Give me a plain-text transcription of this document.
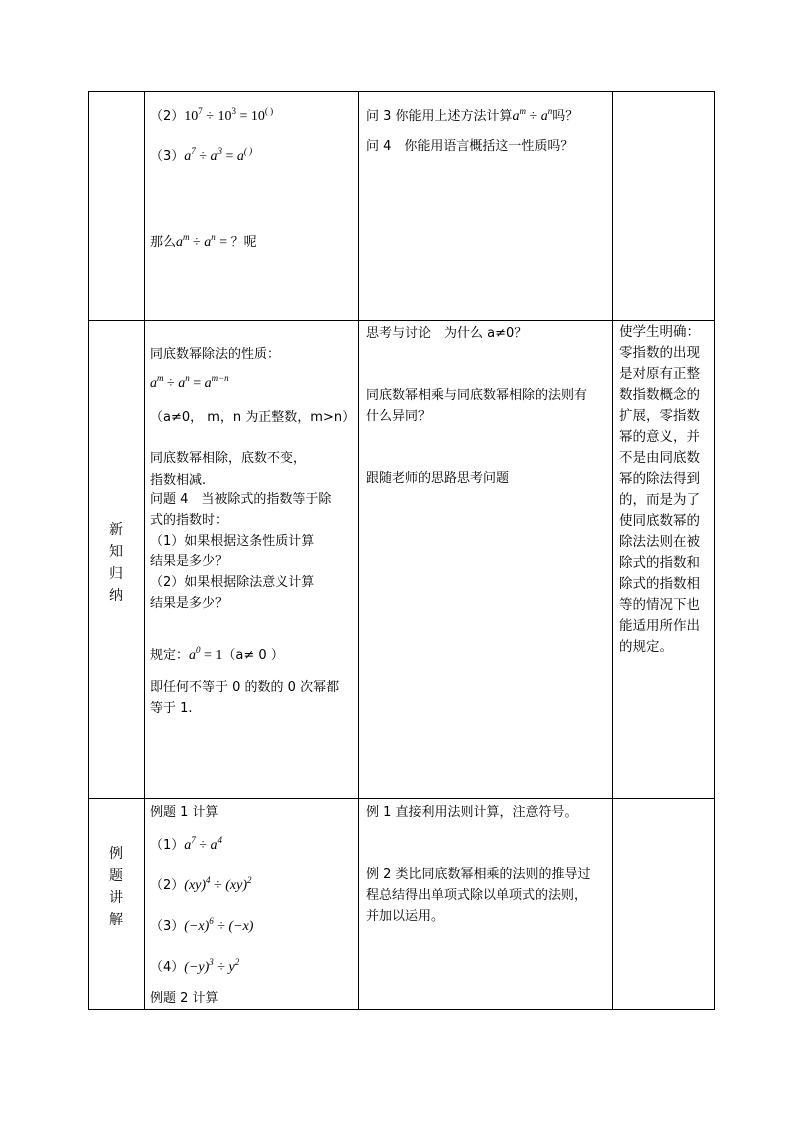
$(2)10^7 \div 10^3 = 10^{( )}$
$(3)a^7 \div a^3 = a^{( )}$
那么$a^m \div a^n$ = ？呢
问 3 你能用上述方法计算$a^m \div a^n$吗？
问 4　你能用语言概括这一性质吗？
新
知
归
纳
同底数幂除法的性质：
$a^m \div a^n = a^{m-n}$
（a≠0， m，n 为正整数，m>n）
同底数幂相除，底数不变，
指数相减.
问题 4　当被除式的指数等于除
式的指数时：
（1）如果根据这条性质计算
结果是多少？
（2）如果根据除法意义计算
结果是多少？
规定：$a^0 = 1(a\ne 0$ ）
即任何不等于 0 的数的 0 次幂都
等于 1.
思考与讨论　为什么 a≠0？
同底数幂相乘与同底数幂相除的法则有
什么异同？
跟随老师的思路思考问题
使学生明确：
零指数的出现
是对原有正整
数指数概念的
扩展，零指数
幂的意义，并
不是由同底数
幂的除法得到
的，而是为了
使同底数幂的
除法法则在被
除式的指数和
除式的指数相
等的情况下也
能适用所作出
的规定。
例
题
讲
解
例题 1 计算
$(1)a^7 \div a^4$
（2）(xy)$^4$ ÷ (xy)$^2$
$(3)(-x)^6 \div (-x)$
$(4)(-y)^3 \div y^2$
例题 2 计算
例 1 直接利用法则计算，注意符号。
例 2 类比同底数幂相乘的法则的推导过
程总结得出单项式除以单项式的法则，
并加以运用。
